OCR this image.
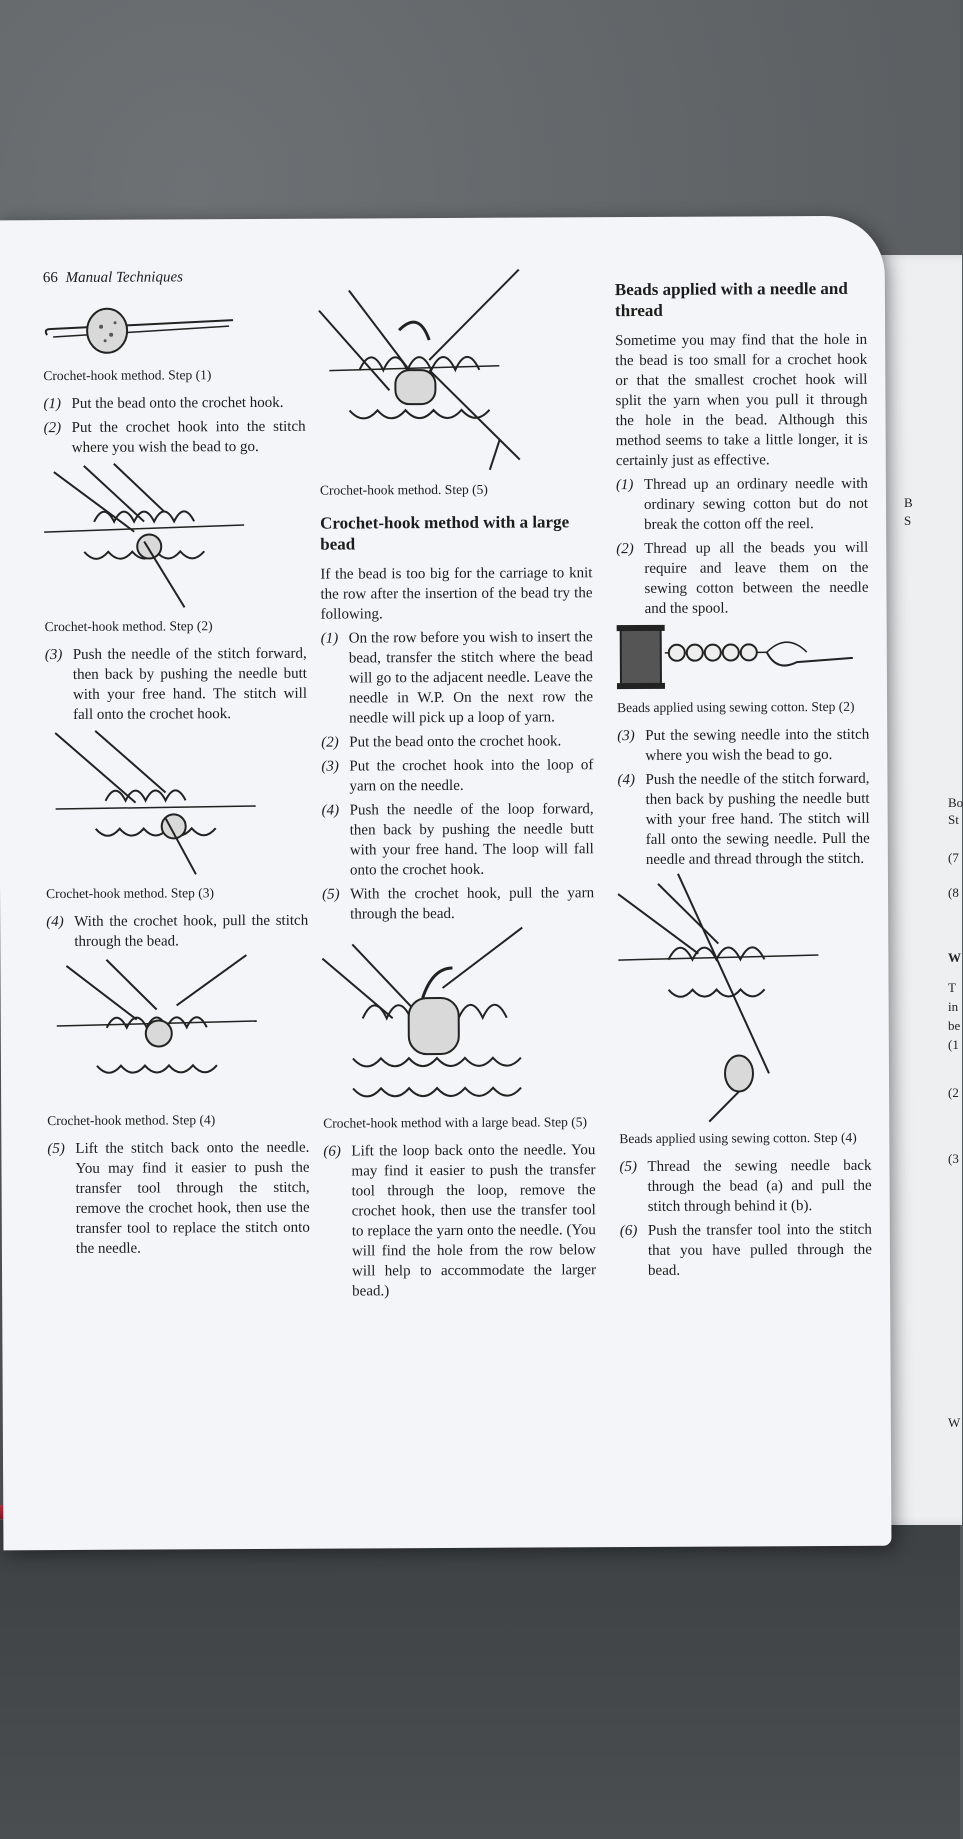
B
S
Bo
St
(7
(8
W
T
in
be
(1
(2
(3
W
66 Manual Techniques
Crochet-hook method. Step (1)
(1) Put the bead onto the crochet hook.
(2) Put the crochet hook into the stitch where you wish the bead to go.
Crochet-hook method. Step (2)
(3) Push the needle of the stitch forward, then back by pushing the needle butt with your free hand. The stitch will fall onto the crochet hook.
Crochet-hook method. Step (3)
(4) With the crochet hook, pull the stitch through the bead.
Crochet-hook method. Step (4)
(5) Lift the stitch back onto the needle. You may find it easier to push the transfer tool through the stitch, remove the crochet hook, then use the transfer tool to replace the stitch onto the needle.
Crochet-hook method. Step (5)
Crochet-hook method with a large bead
If the bead is too big for the carriage to knit the row after the insertion of the bead try the following.
(1) On the row before you wish to insert the bead, transfer the stitch where the bead will go to the adjacent needle. Leave the needle in W.P. On the next row the needle will pick up a loop of yarn.
(2) Put the bead onto the crochet hook.
(3) Put the crochet hook into the loop of yarn on the needle.
(4) Push the needle of the loop forward, then back by pushing the needle butt with your free hand. The loop will fall onto the crochet hook.
(5) With the crochet hook, pull the yarn through the bead.
Crochet-hook method with a large bead. Step (5)
(6) Lift the loop back onto the needle. You may find it easier to push the transfer tool through the loop, remove the crochet hook, then use the transfer tool to replace the yarn onto the needle. (You will find the hole from the row below will help to accommodate the larger bead.)
Beads applied with a needle and thread
Sometime you may find that the hole in the bead is too small for a crochet hook or that the smallest crochet hook will split the yarn when you pull it through the hole in the bead. Although this method seems to take a little longer, it is certainly just as effective.
(1) Thread up an ordinary needle with ordinary sewing cotton but do not break the cotton off the reel.
(2) Thread up all the beads you will require and leave them on the sewing cotton between the needle and the spool.
Beads applied using sewing cotton. Step (2)
(3) Put the sewing needle into the stitch where you wish the bead to go.
(4) Push the needle of the stitch forward, then back by pushing the needle butt with your free hand. The stitch will fall onto the sewing needle. Pull the needle and thread through the stitch.
Beads applied using sewing cotton. Step (4)
(5) Thread the sewing needle back through the bead (a) and pull the stitch through behind it (b).
(6) Push the transfer tool into the stitch that you have pulled through the bead.
